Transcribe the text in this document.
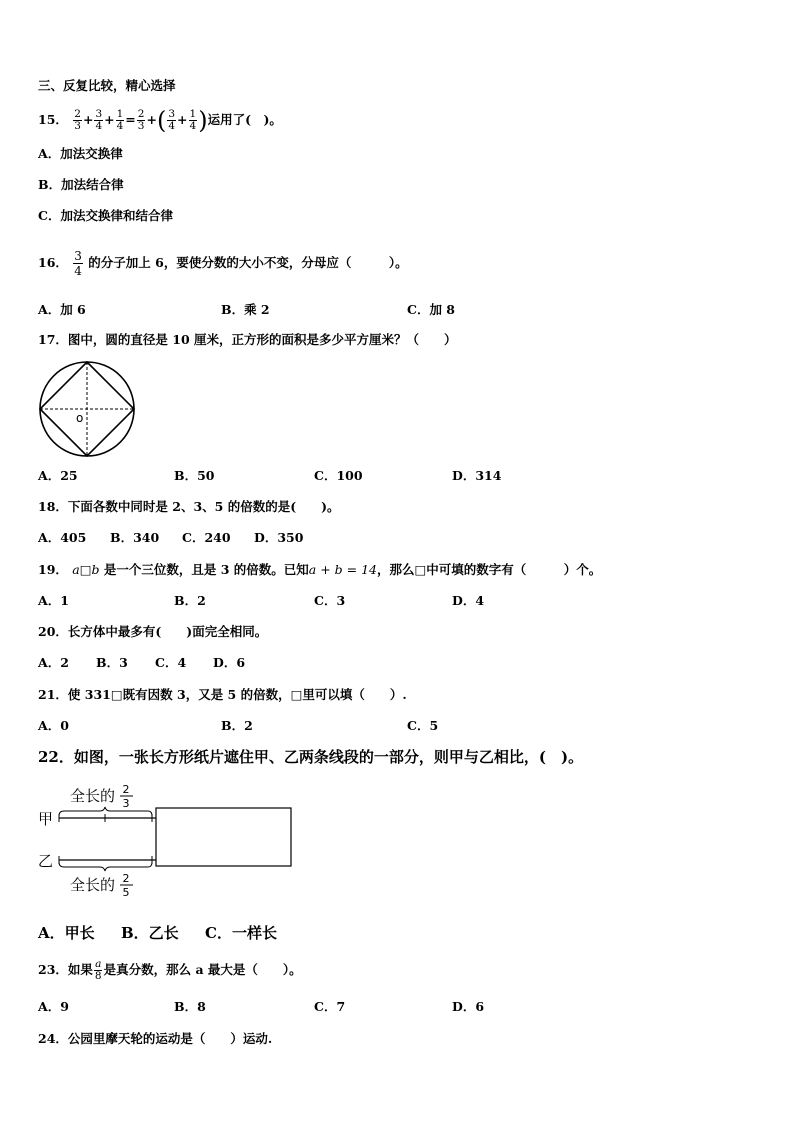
三、反复比较，精心选择
15． $\frac{2}{3} + \frac{3}{4} + \frac{1}{4} = \frac{2}{3}$ +( $\frac{3}{4} + \frac{1}{4}$ )运用了(　)。
A．加法交换律
B．加法结合律
C．加法交换律和结合律
16． $\frac{3}{4}$ 的分子加上 6，要使分数的大小不变，分母应（　　　）。
A．加 6	B．乘 2	C．加 8
17．图中，圆的直径是 10 厘米，正方形的面积是多少平方厘米？（　　）
o
A．25	B．50	C．100	D．314
18．下面各数中同时是 2、3、5 的倍数的是(　　)。
A．405 B．340 C．240 D．350
19． a□b 是一个三位数，且是 3 的倍数。已知a + b = 14，那么□中可填的数字有（　　　）个。
A．1	B．2	C．3	D．4
20．长方体中最多有(　　)面完全相同。
A．2 B．3 C．4 D．6
21．使 331□既有因数 3，又是 5 的倍数，□里可以填（　　）.
A．0	B．2	C．5
22．如图，一张长方形纸片遮住甲、乙两条线段的一部分，则甲与乙相比，(　)。
全长的 2
3
甲
乙
全长的 2
5
A．甲长 B．乙长 C．一样长
23．如果 $\frac{a}{8}$ 是真分数，那么 a 最大是（　　）。
A．9	B．8	C．7	D．6
24．公园里摩天轮的运动是（　　）运动.
